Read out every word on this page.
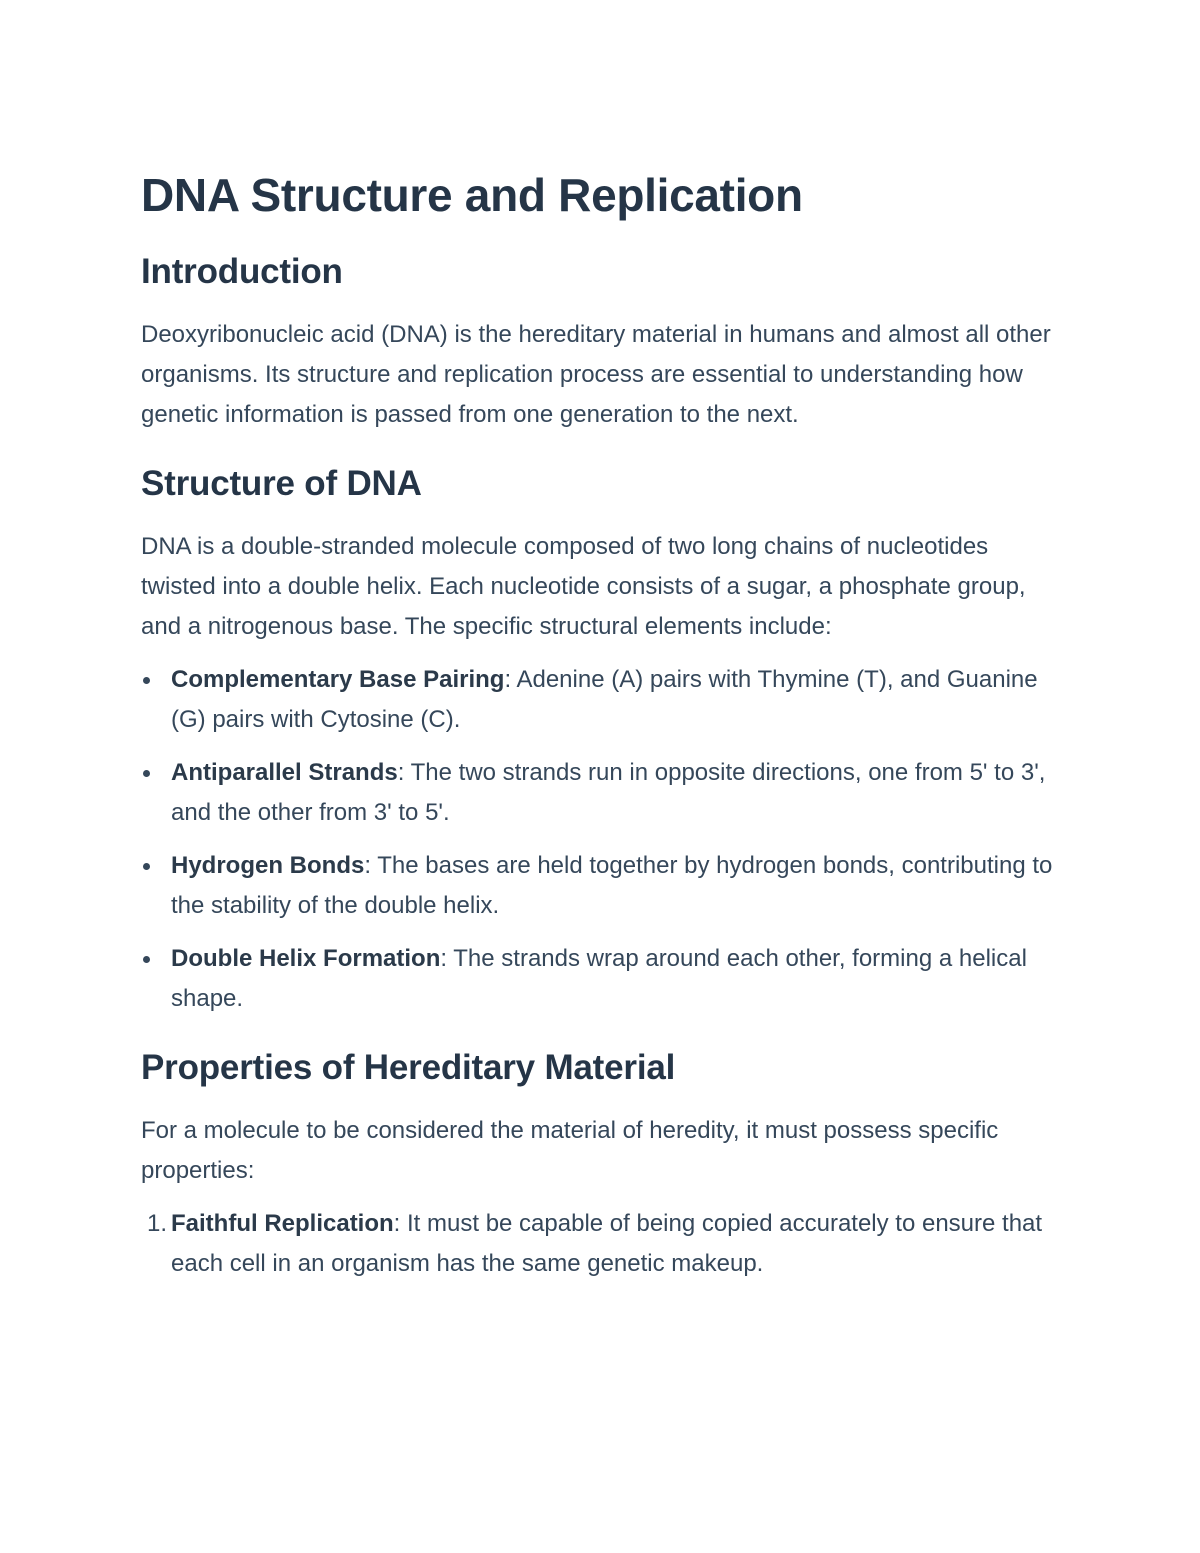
DNA Structure and Replication
Introduction

Deoxyribonucleic acid (DNA) is the hereditary material in humans and almost all other organisms. Its structure and replication process are essential to understanding how genetic information is passed from one generation to the next.

Structure of DNA

DNA is a double-stranded molecule composed of two long chains of nucleotides twisted into a double helix. Each nucleotide consists of a sugar, a phosphate group, and a nitrogenous base. The specific structural elements include:

Complementary Base Pairing: Adenine (A) pairs with Thymine (T), and Guanine (G) pairs with Cytosine (C).
Antiparallel Strands: The two strands run in opposite directions, one from 5' to 3', and the other from 3' to 5'.
Hydrogen Bonds: The bases are held together by hydrogen bonds, contributing to the stability of the double helix.
Double Helix Formation: The strands wrap around each other, forming a helical shape.
Properties of Hereditary Material

For a molecule to be considered the material of heredity, it must possess specific properties:

1. Faithful Replication: It must be capable of being copied accurately to ensure that each cell in an organism has the same genetic makeup.
